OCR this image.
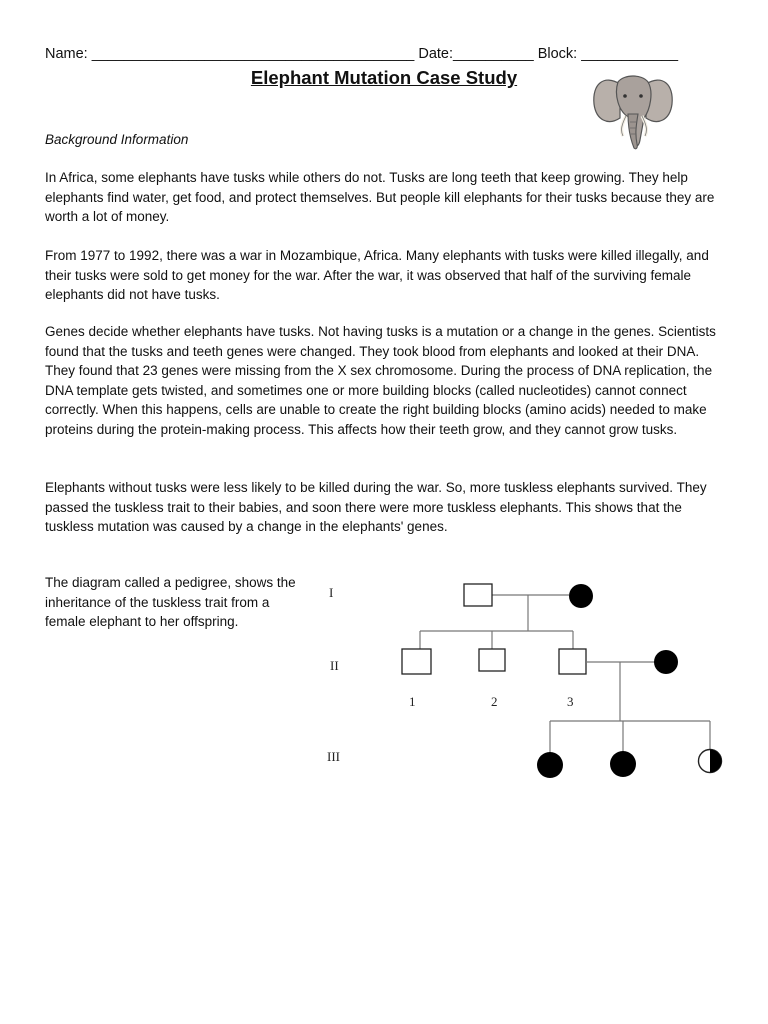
Name: ________________________________________ Date:__________ Block: ____________
Elephant Mutation Case Study
Background Information
In Africa, some elephants have tusks while others do not. Tusks are long teeth that keep growing. They help elephants find water, get food, and protect themselves. But people kill elephants for their tusks because they are worth a lot of money.
From 1977 to 1992, there was a war in Mozambique, Africa. Many elephants with tusks were killed illegally, and their tusks were sold to get money for the war. After the war, it was observed that half of the surviving female elephants did not have tusks.
Genes decide whether elephants have tusks. Not having tusks is a mutation or a change in the genes. Scientists found that the tusks and teeth genes were changed. They took blood from elephants and looked at their DNA. They found that 23 genes were missing from the X sex chromosome. During the process of DNA replication, the DNA template gets twisted, and sometimes one or more building blocks (called nucleotides) cannot connect correctly. When this happens, cells are unable to create the right building blocks (amino acids) needed to make proteins during the protein-making process. This affects how their teeth grow, and they cannot grow tusks.
Elephants without tusks were less likely to be killed during the war. So, more tuskless elephants survived. They passed the tuskless trait to their babies, and soon there were more tuskless elephants. This shows that the tuskless mutation was caused by a change in the elephants' genes.
The diagram called a pedigree, shows the inheritance of the tuskless trait from a female elephant to her offspring.
I
II
III
1	2	3
